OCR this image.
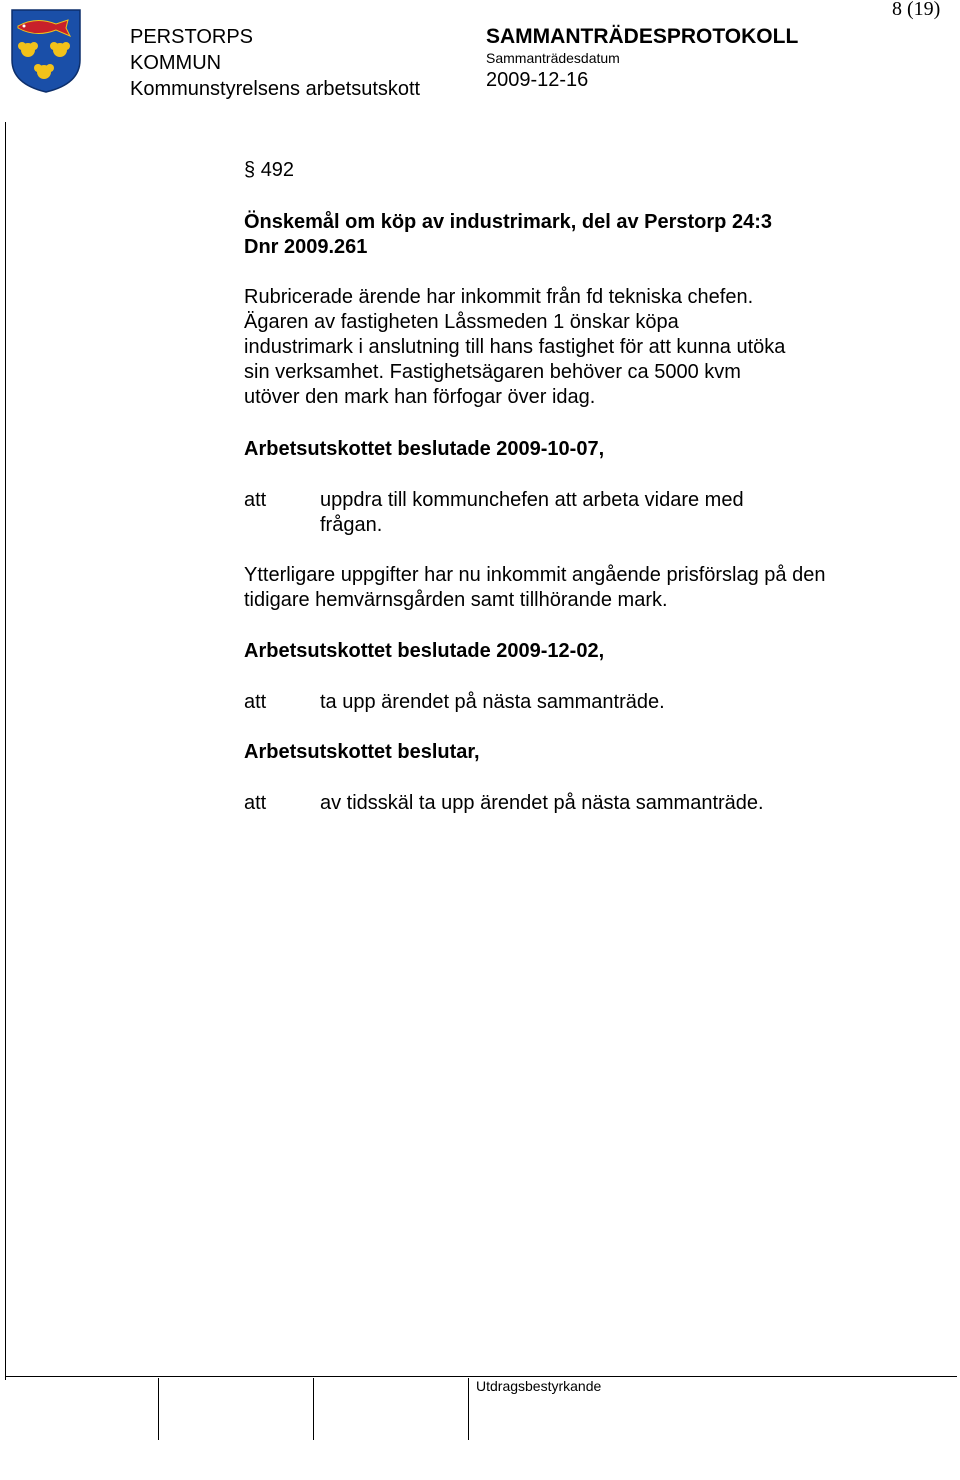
8 (19)
PERSTORPS
KOMMUN
Kommunstyrelsens arbetsutskott
SAMMANTRÄDESPROTOKOLL
Sammanträdesdatum
2009-12-16
§ 492
Önskemål om köp av industrimark, del av Perstorp 24:3
Dnr 2009.261
Rubricerade ärende har inkommit från fd tekniska chefen.
Ägaren av fastigheten Låssmeden 1 önskar köpa
industrimark i anslutning till hans fastighet för att kunna utöka
sin verksamhet. Fastighetsägaren behöver ca 5000 kvm
utöver den mark han förfogar över idag.
Arbetsutskottet beslutade 2009-10-07,
att	uppdra till kommunchefen att arbeta vidare med
frågan.
Ytterligare uppgifter har nu inkommit angående prisförslag på den
tidigare hemvärnsgården samt tillhörande mark.
Arbetsutskottet beslutade 2009-12-02,
att	ta upp ärendet på nästa sammanträde.
Arbetsutskottet beslutar,
att	av tidsskäl ta upp ärendet på nästa sammanträde.
Utdragsbestyrkande
